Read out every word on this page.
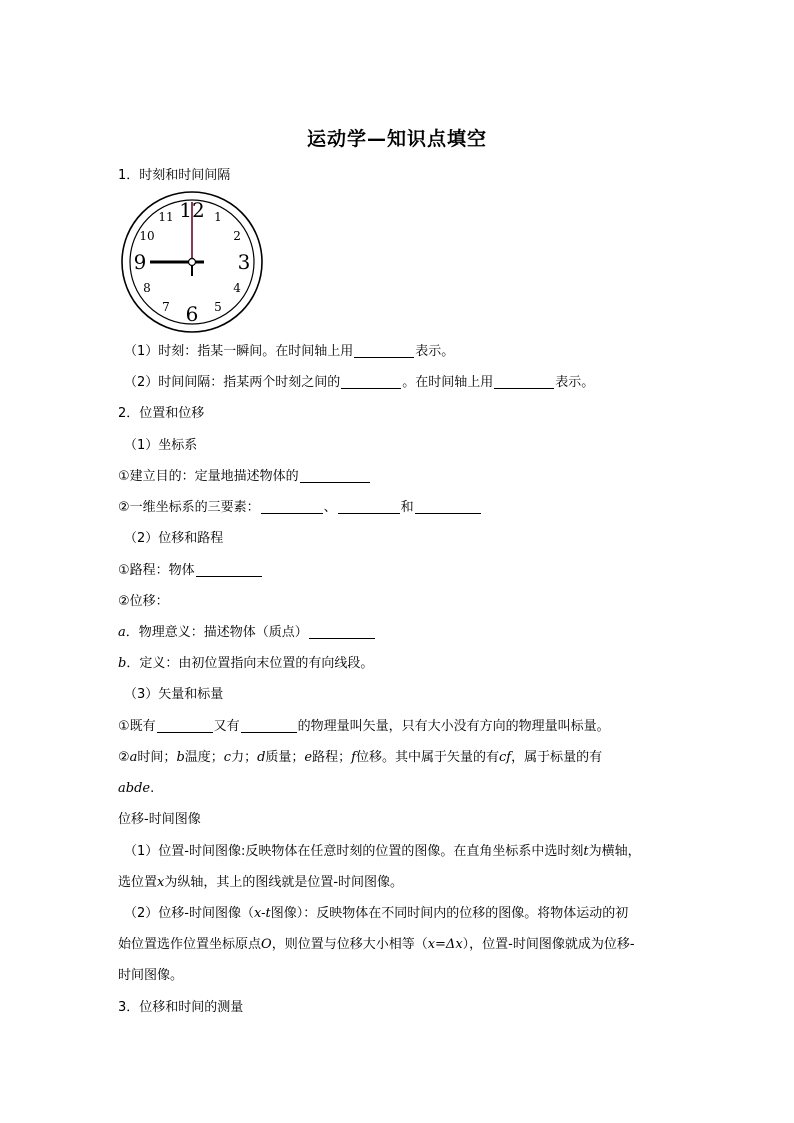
运动学—知识点填空
1．时刻和时间间隔
12 1
2
3
4
5
6
7
8
9
10
11
（1）时刻：指某一瞬间。在时间轴上用	表示。
（2）时间间隔：指某两个时刻之间的	。在时间轴上用	表示。
2．位置和位移
（1）坐标系
①建立目的：定量地描述物体的
②一维坐标系的三要素：	、	和
（2）位移和路程
①路程：物体
②位移：
a．物理意义：描述物体（质点）
b．定义：由初位置指向末位置的有向线段。
（3）矢量和标量
①既有	又有	的物理量叫矢量，只有大小没有方向的物理量叫标量。
②a时间；b温度；c力；d质量；e路程；f位移。其中属于矢量的有cf，属于标量的有
abde.
位移-时间图像
（1）位置-时间图像:反映物体在任意时刻的位置的图像。在直角坐标系中选时刻t为横轴，
选位置x为纵轴，其上的图线就是位置-时间图像。
（2）位移-时间图像（x-t图像）：反映物体在不同时间内的位移的图像。将物体运动的初
始位置选作位置坐标原点O，则位置与位移大小相等（x=Δx），位置-时间图像就成为位移-
时间图像。
3．位移和时间的测量
